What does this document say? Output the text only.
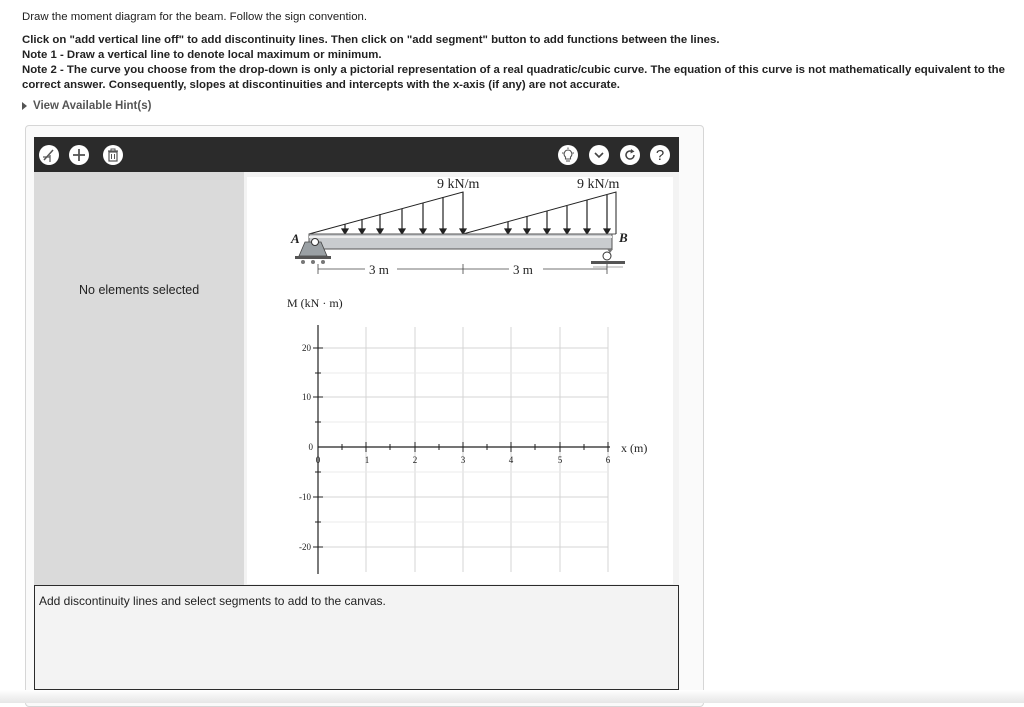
Draw the moment diagram for the beam. Follow the sign convention.

Click on "add vertical line off" to add discontinuity lines. Then click on "add segment" button to add functions between the lines.

Note 1 - Draw a vertical line to denote local maximum or minimum.

Note 2 - The curve you choose from the drop-down is only a pictorial representation of a real quadratic/cubic curve. The equation of this curve is not mathematically equivalent to the correct answer. Consequently, slopes at discontinuities and intercepts with the x-axis (if any) are not accurate.

View Available Hint(s)
?
No elements selected
9 kN/m	9 kN/m
A	B
3 m	3 m
M (kN · m)
x (m)
20
10
0
-10
-20
0	1	2	3	4	5	6
Add discontinuity lines and select segments to add to the canvas.
